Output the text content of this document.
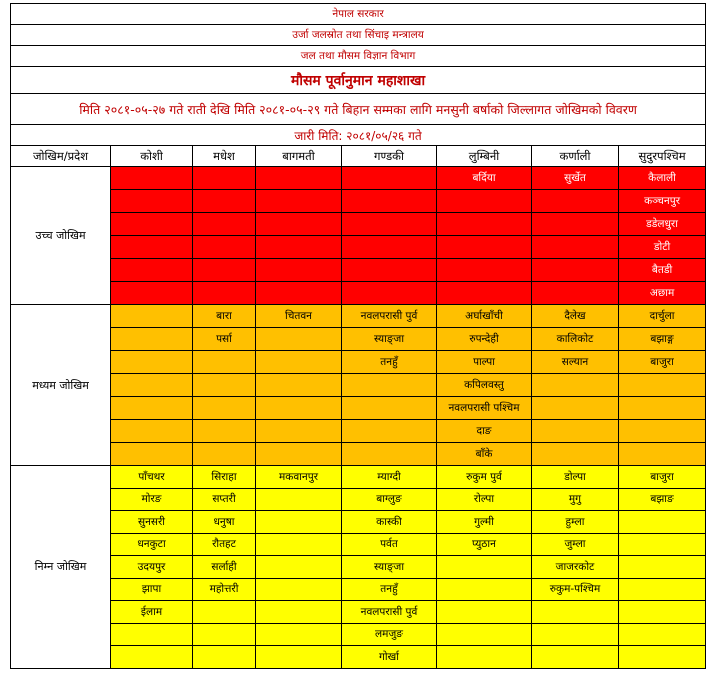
नेपाल सरकार							
उर्जा जलस्रोत तथा सिंचाइ मन्त्रालय							
जल तथा मौसम विज्ञान विभाग							
मौसम पूर्वानुमान महाशाखा							
मिति २०८१-०५-२७ गते राती देखि मिति २०८१-०५-२९ गते बिहान सम्मका लागि मनसुनी बर्षाको जिल्लागत जोखिमको विवरण							
जारी मिति: २०८१/०५/२६ गते							
जोखिम/प्रदेश	कोशी	मधेश	बागमती	गण्डकी	लुम्बिनी	कर्णाली	सुदुरपश्चिम
उच्च जोखिम					बर्दिया	सुर्खेत	कैलाली
							कञ्चनपुर
							डडेलधुरा
							डोटी
							बैतडी
							अछाम
मध्यम जोखिम		बारा	चितवन	नवलपरासी पुर्व	अर्घाखाँची	दैलेख	दार्चुला
		पर्सा		स्याङ्जा	रुपन्देही	कालिकोट	बझाङ्ग
				तनहुँ	पाल्पा	सल्यान	बाजुरा
					कपिलवस्तु		
					नवलपरासी पश्चिम		
					दाङ		
					बाँके		
निम्न जोखिम	पाँचथर	सिराहा	मकवानपुर	म्याग्दी	रुकुम पुर्व	डोल्पा	बाजुरा
	मोरङ	सप्तरी		बाग्लुङ	रोल्पा	मुगु	बझाङ
	सुनसरी	धनुषा		कास्की	गुल्मी	हुम्ला	
	धनकुटा	रौतहट		पर्वत	प्युठान	जुम्ला	
	उदयपुर	सर्लाही		स्याङ्जा		जाजरकोट	
	झापा	महोत्तरी		तनहुँ		रुकुम-पश्चिम	
	ईलाम			नवलपरासी पुर्व			
				लमजुङ			
				गोर्खा			
